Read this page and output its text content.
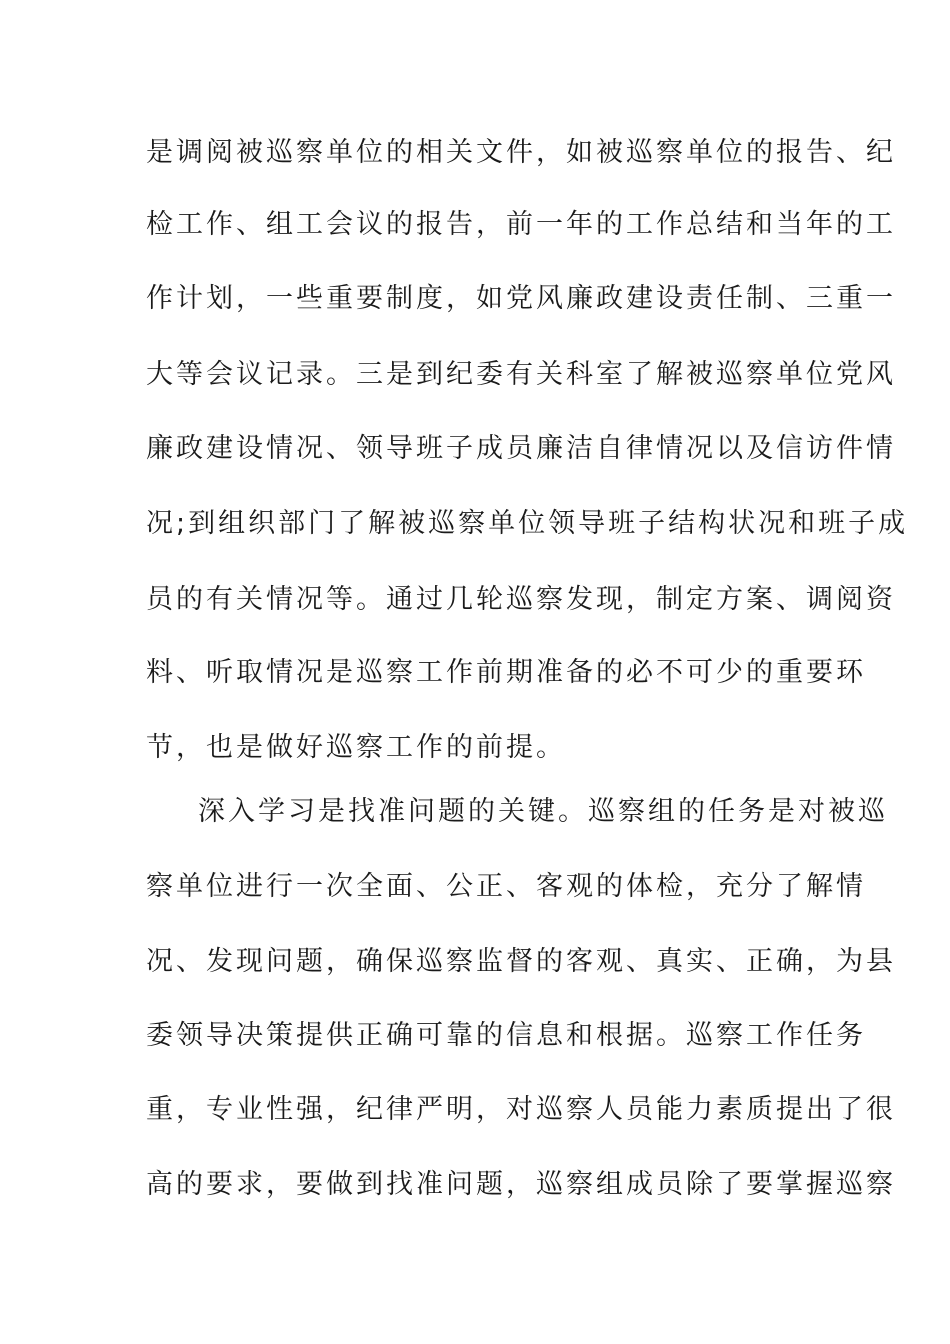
是调阅被巡察单位的相关文件，如被巡察单位的报告、纪
检工作、组工会议的报告，前一年的工作总结和当年的工
作计划，一些重要制度，如党风廉政建设责任制、三重一
大等会议记录。三是到纪委有关科室了解被巡察单位党风
廉政建设情况、领导班子成员廉洁自律情况以及信访件情
况;到组织部门了解被巡察单位领导班子结构状况和班子成
员的有关情况等。通过几轮巡察发现，制定方案、调阅资
料、听取情况是巡察工作前期准备的必不可少的重要环
节，也是做好巡察工作的前提。
深入学习是找准问题的关键。巡察组的任务是对被巡
察单位进行一次全面、公正、客观的体检，充分了解情
况、发现问题，确保巡察监督的客观、真实、正确，为县
委领导决策提供正确可靠的信息和根据。巡察工作任务
重，专业性强，纪律严明，对巡察人员能力素质提出了很
高的要求，要做到找准问题，巡察组成员除了要掌握巡察
